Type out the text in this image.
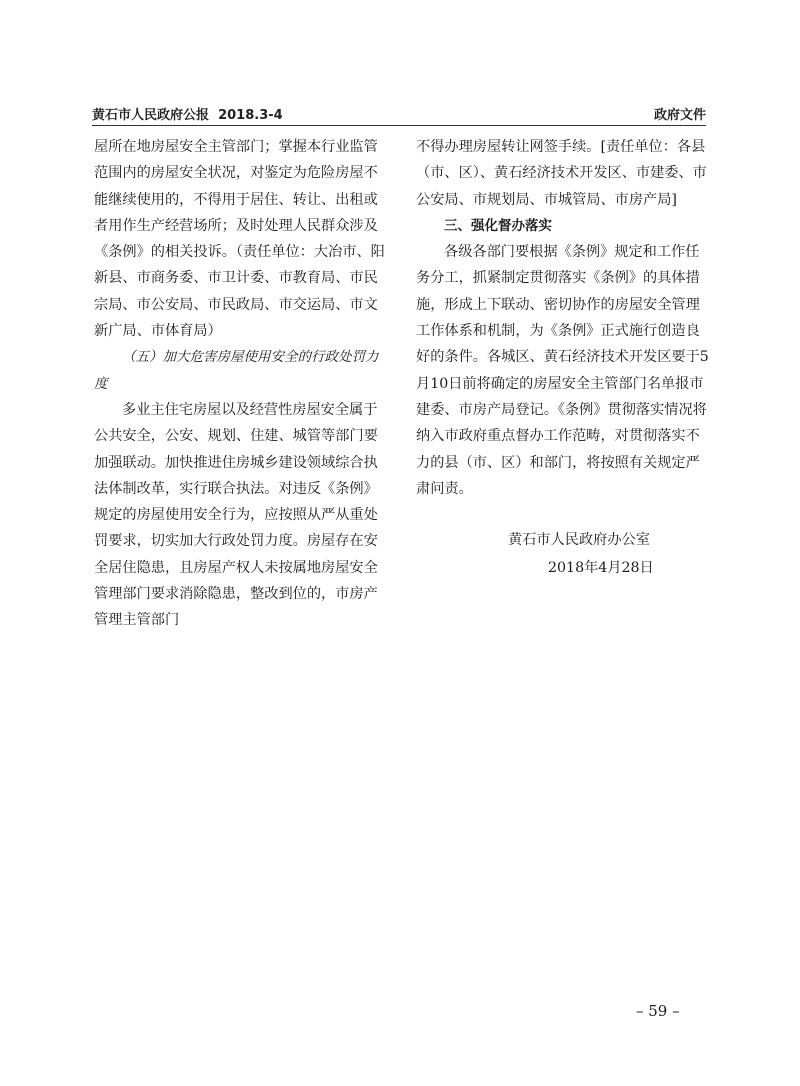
黄石市人民政府公报 2018.3-4	政府文件

屋所在地房屋安全主管部门；掌握本行业监管范围内的房屋安全状况，对鉴定为危险房屋不能继续使用的，不得用于居住、转让、出租或者用作生产经营场所；及时处理人民群众涉及《条例》的相关投诉。（责任单位：大冶市、阳新县、市商务委、市卫计委、市教育局、市民宗局、市公安局、市民政局、市交运局、市文新广局、市体育局）

（五）加大危害房屋使用安全的行政处罚力度

多业主住宅房屋以及经营性房屋安全属于公共安全，公安、规划、住建、城管等部门要加强联动。加快推进住房城乡建设领域综合执法体制改革，实行联合执法。对违反《条例》规定的房屋使用安全行为，应按照从严从重处罚要求，切实加大行政处罚力度。房屋存在安全居住隐患，且房屋产权人未按属地房屋安全管理部门要求消除隐患，整改到位的，市房产管理主管部门

不得办理房屋转让网签手续。[责任单位：各县（市、区）、黄石经济技术开发区、市建委、市公安局、市规划局、市城管局、市房产局]

三、强化督办落实

各级各部门要根据《条例》规定和工作任务分工，抓紧制定贯彻落实《条例》的具体措施，形成上下联动、密切协作的房屋安全管理工作体系和机制，为《条例》正式施行创造良好的条件。各城区、黄石经济技术开发区要于5月10日前将确定的房屋安全主管部门名单报市建委、市房产局登记。《条例》贯彻落实情况将纳入市政府重点督办工作范畴，对贯彻落实不力的县（市、区）和部门，将按照有关规定严肃问责。

黄石市人民政府办公室

2018年4月28日

– 59 –
